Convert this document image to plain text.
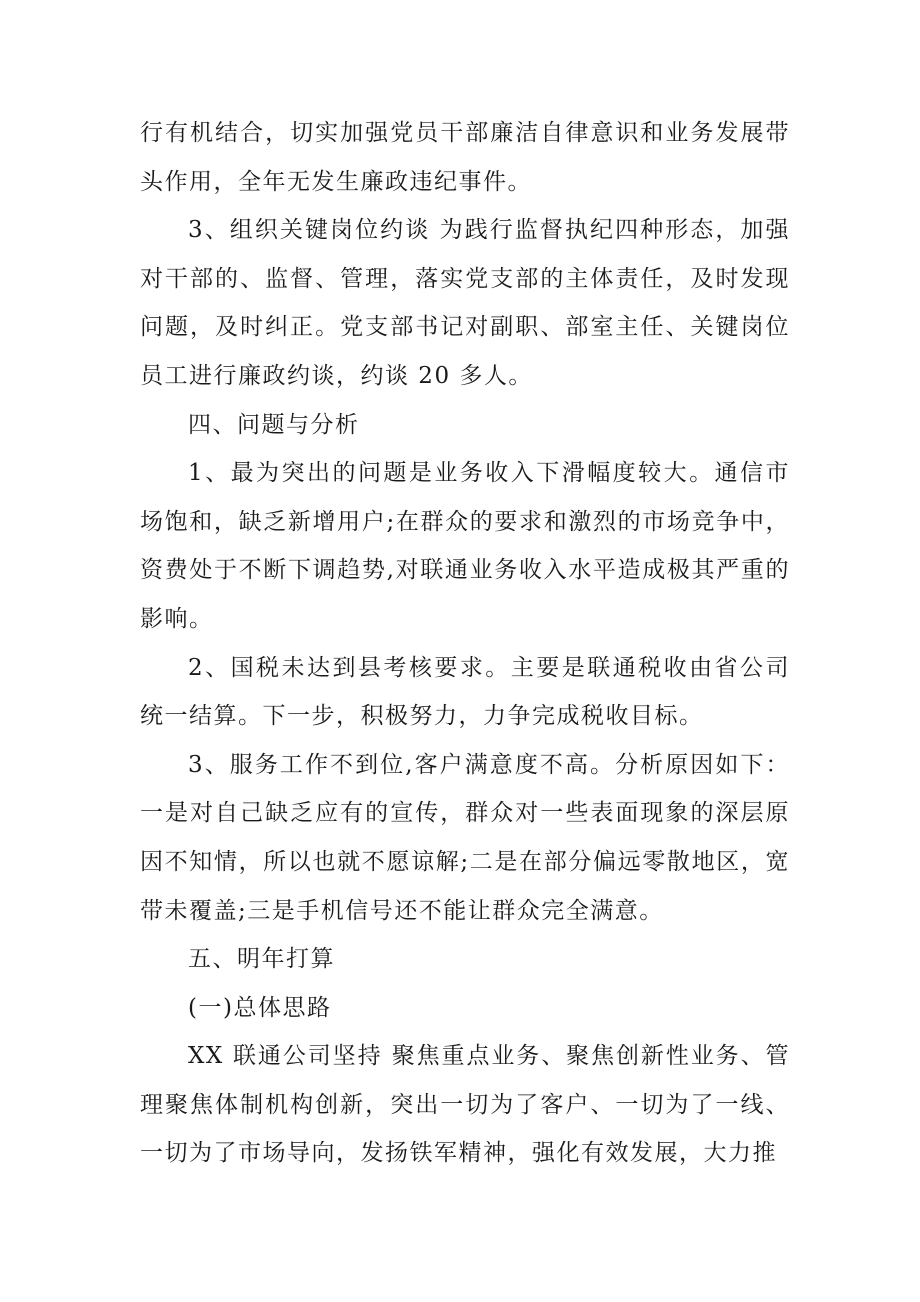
行有机结合，切实加强党员干部廉洁自律意识和业务发展带头作用，全年无发生廉政违纪事件。

3、组织关键岗位约谈 为践行监督执纪四种形态，加强对干部的、监督、管理，落实党支部的主体责任，及时发现问题，及时纠正。党支部书记对副职、部室主任、关键岗位员工进行廉政约谈，约谈 20 多人。

四、问题与分析

1、最为突出的问题是业务收入下滑幅度较大。通信市场饱和，缺乏新增用户;在群众的要求和激烈的市场竞争中，资费处于不断下调趋势,对联通业务收入水平造成极其严重的影响。

2、国税未达到县考核要求。主要是联通税收由省公司统一结算。下一步，积极努力，力争完成税收目标。

3、服务工作不到位,客户满意度不高。分析原因如下：一是对自己缺乏应有的宣传，群众对一些表面现象的深层原因不知情，所以也就不愿谅解;二是在部分偏远零散地区，宽带未覆盖;三是手机信号还不能让群众完全满意。

五、明年打算

(一)总体思路

XX 联通公司坚持 聚焦重点业务、聚焦创新性业务、管理聚焦体制机构创新，突出一切为了客户、一切为了一线、一切为了市场导向，发扬铁军精神，强化有效发展，大力推
